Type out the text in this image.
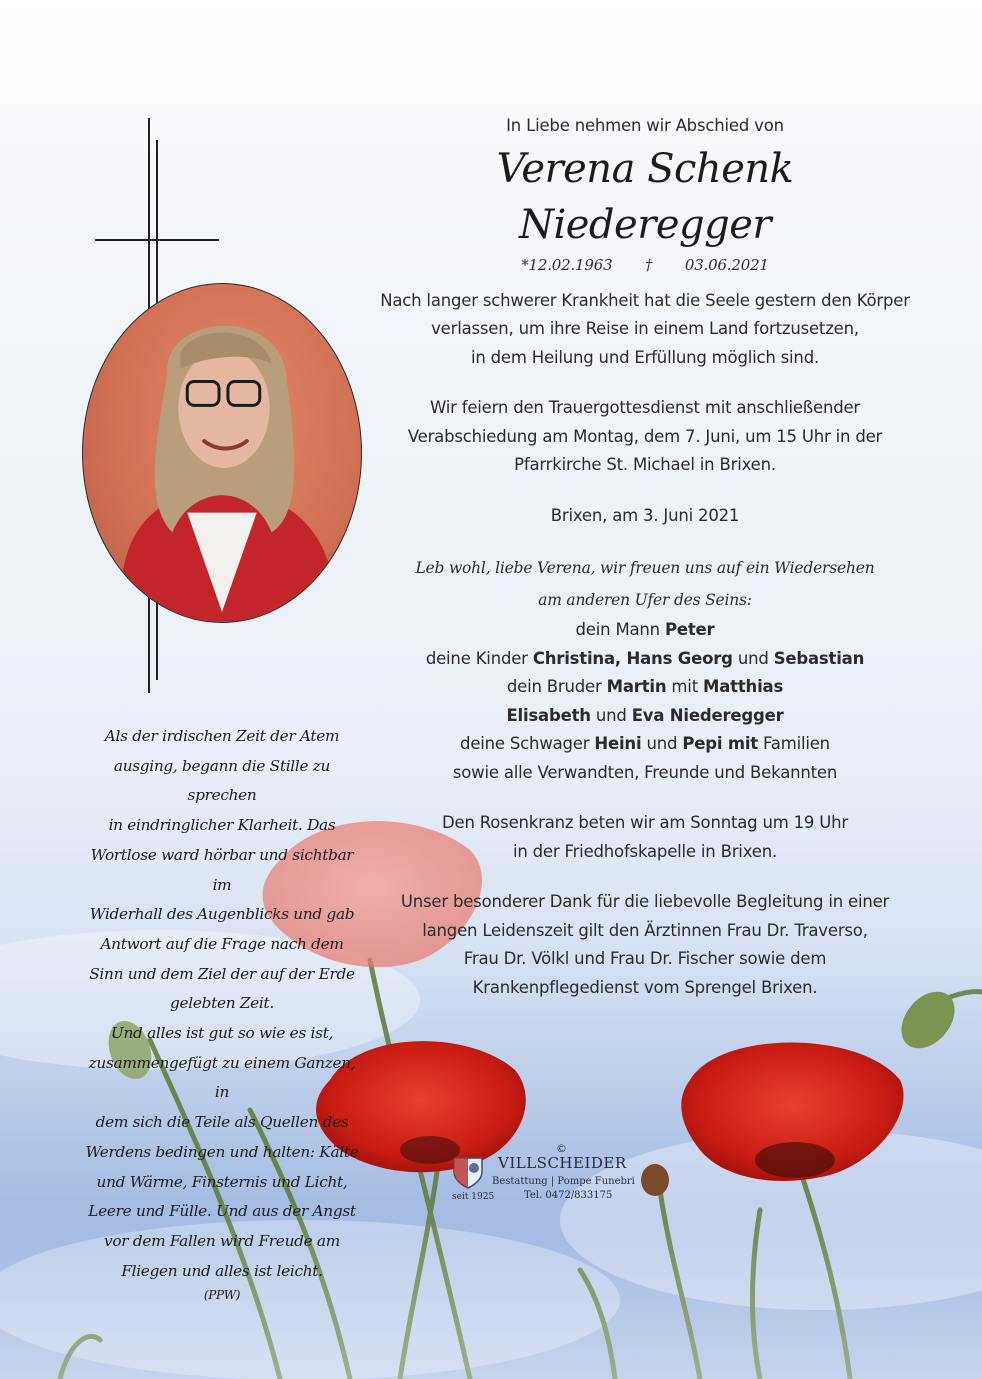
In Liebe nehmen wir Abschied von

Verena Schenk Niederegger

*12.02.1963 † 03.06.2021

Nach langer schwerer Krankheit hat die Seele gestern den Körper

verlassen, um ihre Reise in einem Land fortzusetzen,

in dem Heilung und Erfüllung möglich sind.

Wir feiern den Trauergottesdienst mit anschließender

Verabschiedung am Montag, dem 7. Juni, um 15 Uhr in der

Pfarrkirche St. Michael in Brixen.

Brixen, am 3. Juni 2021

Leb wohl, liebe Verena, wir freuen uns auf ein Wiedersehen

am anderen Ufer des Seins:

dein Mann Peter

deine Kinder Christina, Hans Georg und Sebastian

dein Bruder Martin mit Matthias

Elisabeth und Eva Niederegger

deine Schwager Heini und Pepi mit Familien

sowie alle Verwandten, Freunde und Bekannten

Den Rosenkranz beten wir am Sonntag um 19 Uhr

in der Friedhofskapelle in Brixen.

Unser besonderer Dank für die liebevolle Begleitung in einer

langen Leidenszeit gilt den Ärztinnen Frau Dr. Traverso,

Frau Dr. Völkl und Frau Dr. Fischer sowie dem

Krankenpflegedienst vom Sprengel Brixen.

Als der irdischen Zeit der Atem
ausging, begann die Stille zu sprechen
in eindringlicher Klarheit. Das
Wortlose ward hörbar und sichtbar im
Widerhall des Augenblicks und gab
Antwort auf die Frage nach dem
Sinn und dem Ziel der auf der Erde
gelebten Zeit.
Und alles ist gut so wie es ist,
zusammengefügt zu einem Ganzen, in
dem sich die Teile als Quellen des
Werdens bedingen und halten: Kälte
und Wärme, Finsternis und Licht,
Leere und Fülle. Und aus der Angst
vor dem Fallen wird Freude am
Fliegen und alles ist leicht.
(PPW)
©
VILLSCHEIDER
Bestattung | Pompe Funebri
Tel. 0472/833175
seit 1925
